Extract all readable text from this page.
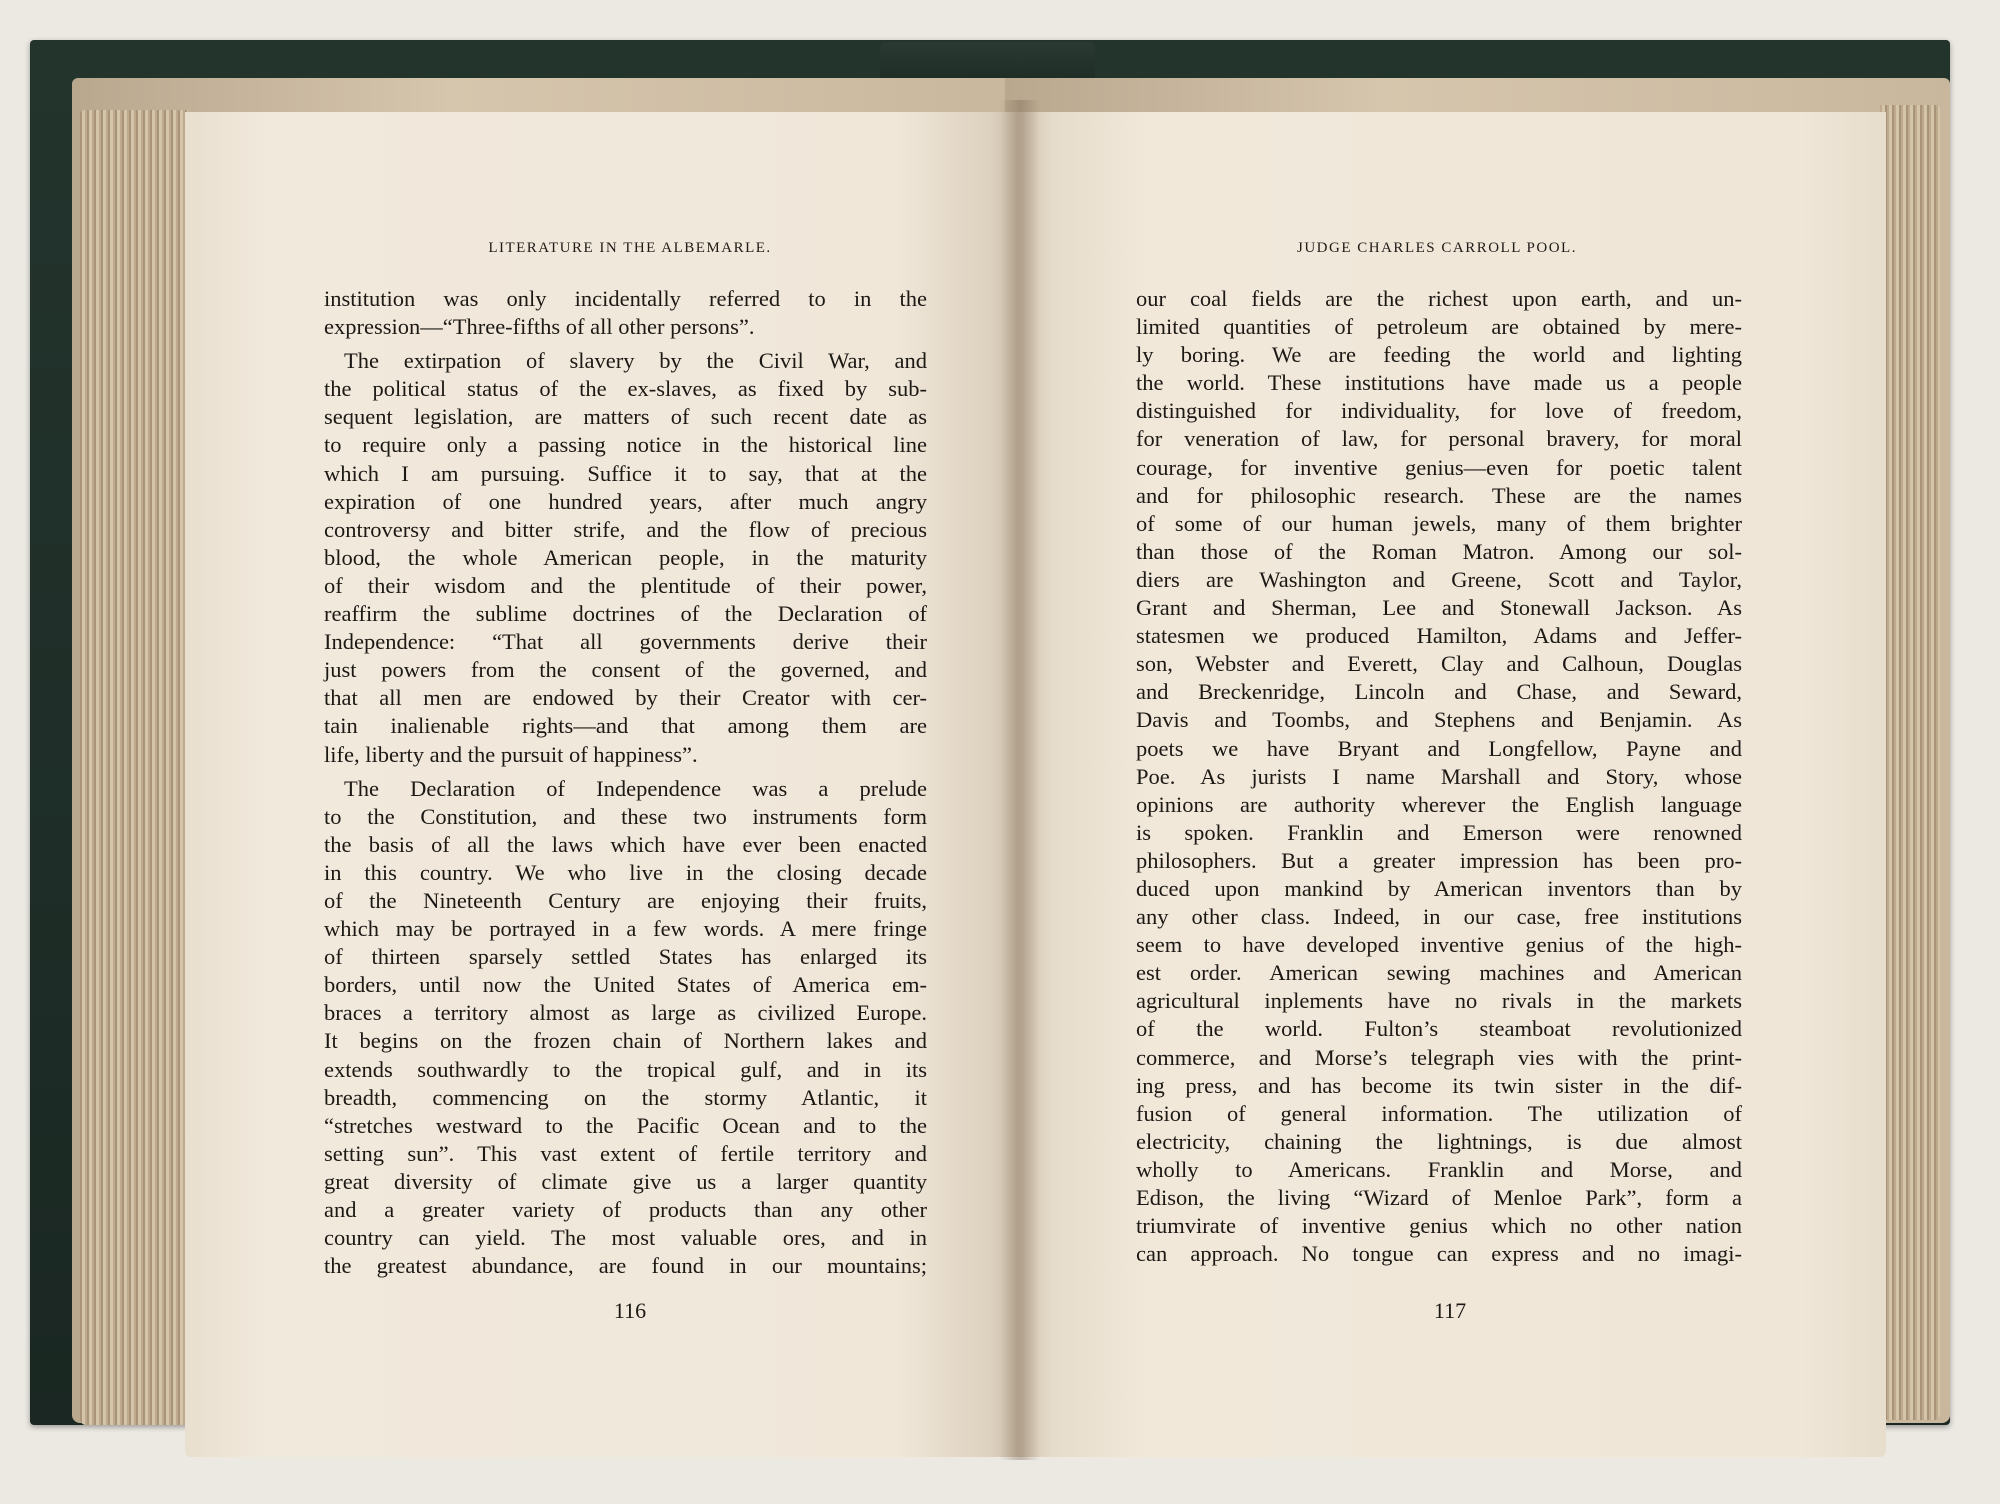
LITERATURE IN THE ALBEMARLE.	JUDGE CHARLES CARROLL POOL.
institution was only incidentally referred to in the
expression—“Three-fifths of all other persons”.
The extirpation of slavery by the Civil War, and
the political status of the ex-slaves, as fixed by sub-
sequent legislation, are matters of such recent date as
to require only a passing notice in the historical line
which I am pursuing. Suffice it to say, that at the
expiration of one hundred years, after much angry
controversy and bitter strife, and the flow of precious
blood, the whole American people, in the maturity
of their wisdom and the plentitude of their power,
reaffirm the sublime doctrines of the Declaration of
Independence: “That all governments derive their
just powers from the consent of the governed, and
that all men are endowed by their Creator with cer-
tain inalienable rights—and that among them are
life, liberty and the pursuit of happiness”.
The Declaration of Independence was a prelude
to the Constitution, and these two instruments form
the basis of all the laws which have ever been enacted
in this country. We who live in the closing decade
of the Nineteenth Century are enjoying their fruits,
which may be portrayed in a few words. A mere fringe
of thirteen sparsely settled States has enlarged its
borders, until now the United States of America em-
braces a territory almost as large as civilized Europe.
It begins on the frozen chain of Northern lakes and
extends southwardly to the tropical gulf, and in its
breadth, commencing on the stormy Atlantic, it
“stretches westward to the Pacific Ocean and to the
setting sun”. This vast extent of fertile territory and
great diversity of climate give us a larger quantity
and a greater variety of products than any other
country can yield. The most valuable ores, and in
the greatest abundance, are found in our mountains;
our coal fields are the richest upon earth, and un-
limited quantities of petroleum are obtained by mere-
ly boring. We are feeding the world and lighting
the world. These institutions have made us a people
distinguished for individuality, for love of freedom,
for veneration of law, for personal bravery, for moral
courage, for inventive genius—even for poetic talent
and for philosophic research. These are the names
of some of our human jewels, many of them brighter
than those of the Roman Matron. Among our sol-
diers are Washington and Greene, Scott and Taylor,
Grant and Sherman, Lee and Stonewall Jackson. As
statesmen we produced Hamilton, Adams and Jeffer-
son, Webster and Everett, Clay and Calhoun, Douglas
and Breckenridge, Lincoln and Chase, and Seward,
Davis and Toombs, and Stephens and Benjamin. As
poets we have Bryant and Longfellow, Payne and
Poe. As jurists I name Marshall and Story, whose
opinions are authority wherever the English language
is spoken. Franklin and Emerson were renowned
philosophers. But a greater impression has been pro-
duced upon mankind by American inventors than by
any other class. Indeed, in our case, free institutions
seem to have developed inventive genius of the high-
est order. American sewing machines and American
agricultural inplements have no rivals in the markets
of the world. Fulton’s steamboat revolutionized
commerce, and Morse’s telegraph vies with the print-
ing press, and has become its twin sister in the dif-
fusion of general information. The utilization of
electricity, chaining the lightnings, is due almost
wholly to Americans. Franklin and Morse, and
Edison, the living “Wizard of Menloe Park”, form a
triumvirate of inventive genius which no other nation
can approach. No tongue can express and no imagi-
116	117
